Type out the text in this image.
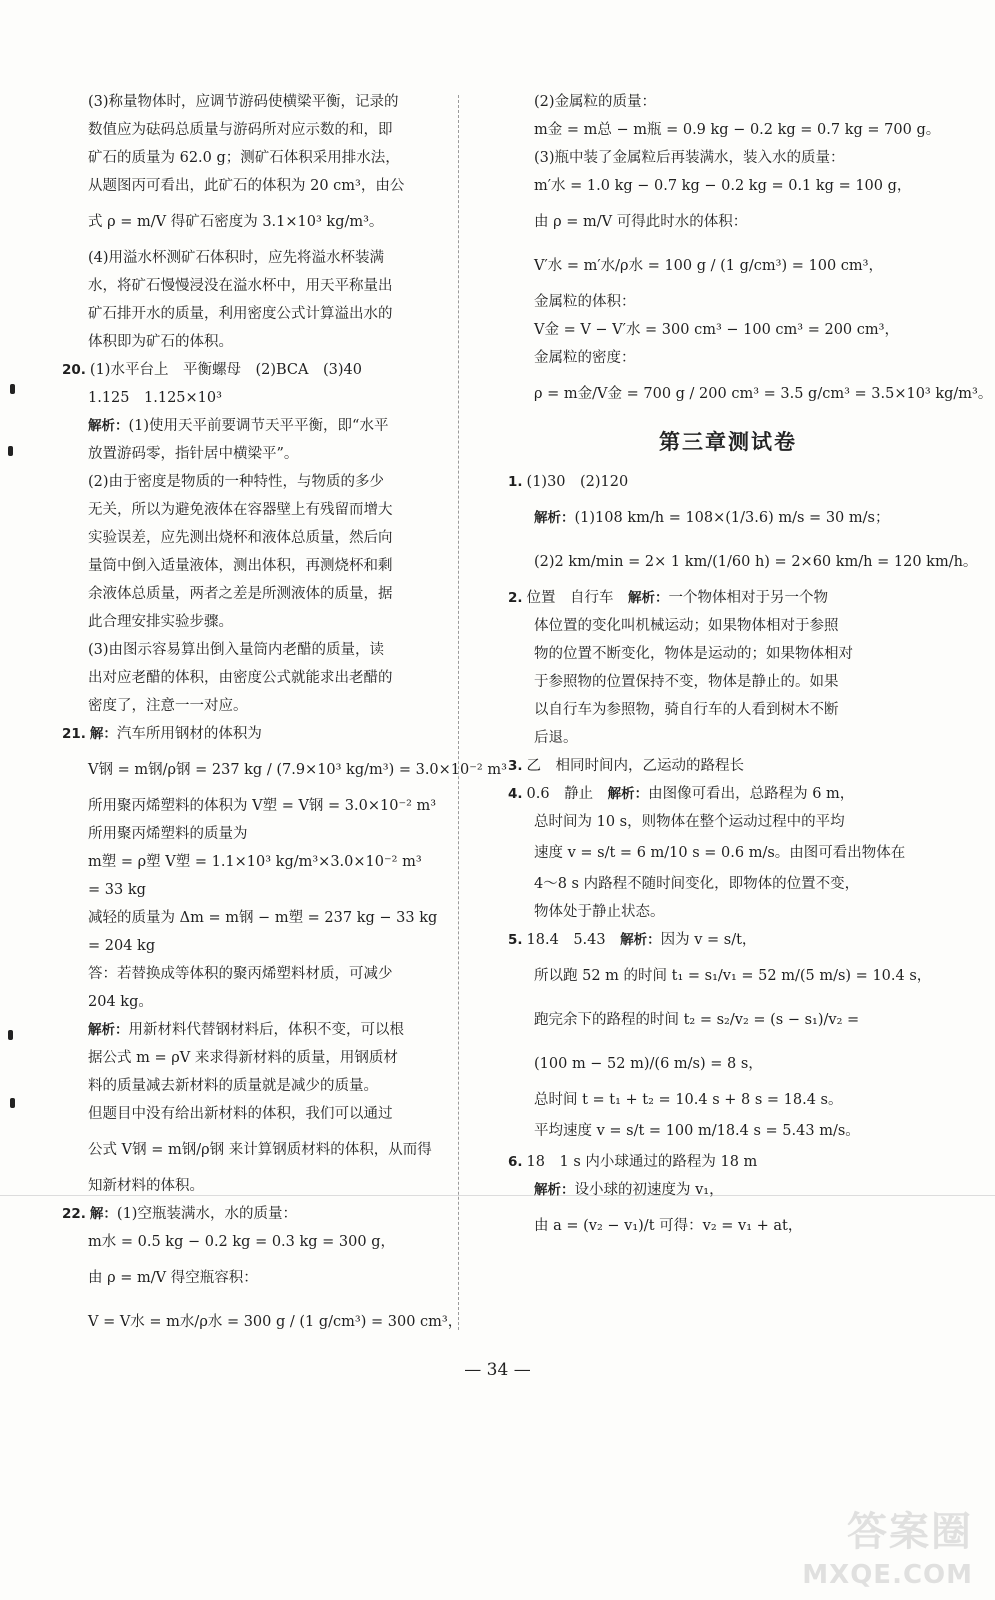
(3)称量物体时，应调节游码使横梁平衡，记录的
数值应为砝码总质量与游码所对应示数的和，即
矿石的质量为 62.0 g；测矿石体积采用排水法，
从题图丙可看出，此矿石的体积为 20 cm³，由公
式 ρ = m/V 得矿石密度为 3.1×10³ kg/m³。
(4)用溢水杯测矿石体积时，应先将溢水杯装满
水，将矿石慢慢浸没在溢水杯中，用天平称量出
矿石排开水的质量，利用密度公式计算溢出水的
体积即为矿石的体积。
20. (1)水平台上　平衡螺母　(2)BCA　(3)40
1.125　1.125×10³
解析：(1)使用天平前要调节天平平衡，即“水平
放置游码零，指针居中横梁平”。
(2)由于密度是物质的一种特性，与物质的多少
无关，所以为避免液体在容器壁上有残留而增大
实验误差，应先测出烧杯和液体总质量，然后向
量筒中倒入适量液体，测出体积，再测烧杯和剩
余液体总质量，两者之差是所测液体的质量，据
此合理安排实验步骤。
(3)由图示容易算出倒入量筒内老醋的质量，读
出对应老醋的体积，由密度公式就能求出老醋的
密度了，注意一一对应。
21. 解：汽车所用钢材的体积为
V钢 = m钢/ρ钢 = 237 kg / (7.9×10³ kg/m³) = 3.0×10⁻² m³
所用聚丙烯塑料的体积为 V塑 = V钢 = 3.0×10⁻² m³
所用聚丙烯塑料的质量为
m塑 = ρ塑 V塑 = 1.1×10³ kg/m³×3.0×10⁻² m³
= 33 kg
减轻的质量为 Δm = m钢 − m塑 = 237 kg − 33 kg
= 204 kg
答：若替换成等体积的聚丙烯塑料材质，可减少
204 kg。
解析：用新材料代替钢材料后，体积不变，可以根
据公式 m = ρV 来求得新材料的质量，用钢质材
料的质量减去新材料的质量就是减少的质量。
但题目中没有给出新材料的体积，我们可以通过
公式 V钢 = m钢/ρ钢 来计算钢质材料的体积，从而得
知新材料的体积。
22. 解：(1)空瓶装满水，水的质量：
m水 = 0.5 kg − 0.2 kg = 0.3 kg = 300 g，
由 ρ = m/V 得空瓶容积：
V = V水 = m水/ρ水 = 300 g / (1 g/cm³) = 300 cm³，
(2)金属粒的质量：
m金 = m总 − m瓶 = 0.9 kg − 0.2 kg = 0.7 kg = 700 g。
(3)瓶中装了金属粒后再装满水，装入水的质量：
m′水 = 1.0 kg − 0.7 kg − 0.2 kg = 0.1 kg = 100 g，
由 ρ = m/V 可得此时水的体积：
V′水 = m′水/ρ水 = 100 g / (1 g/cm³) = 100 cm³，
金属粒的体积：
V金 = V − V′水 = 300 cm³ − 100 cm³ = 200 cm³，
金属粒的密度：
ρ = m金/V金 = 700 g / 200 cm³ = 3.5 g/cm³ = 3.5×10³ kg/m³。
第三章测试卷
1. (1)30　(2)120
解析：(1)108 km/h = 108×(1/3.6) m/s = 30 m/s；
(2)2 km/min = 2× 1 km/(1/60 h) = 2×60 km/h = 120 km/h。
2. 位置　自行车　解析：一个物体相对于另一个物
体位置的变化叫机械运动；如果物体相对于参照
物的位置不断变化，物体是运动的；如果物体相对
于参照物的位置保持不变，物体是静止的。如果
以自行车为参照物，骑自行车的人看到树木不断
后退。
3. 乙　相同时间内，乙运动的路程长
4. 0.6　静止　解析：由图像可看出，总路程为 6 m，
总时间为 10 s，则物体在整个运动过程中的平均
速度 v = s/t = 6 m/10 s = 0.6 m/s。由图可看出物体在
4～8 s 内路程不随时间变化，即物体的位置不变，
物体处于静止状态。
5. 18.4　5.43　解析：因为 v = s/t，
所以跑 52 m 的时间 t₁ = s₁/v₁ = 52 m/(5 m/s) = 10.4 s，
跑完余下的路程的时间 t₂ = s₂/v₂ = (s − s₁)/v₂ =
(100 m − 52 m)/(6 m/s) = 8 s，
总时间 t = t₁ + t₂ = 10.4 s + 8 s = 18.4 s。
平均速度 v = s/t = 100 m/18.4 s = 5.43 m/s。
6. 18　1 s 内小球通过的路程为 18 m
解析：设小球的初速度为 v₁，
由 a = (v₂ − v₁)/t 可得：v₂ = v₁ + at，
— 34 —
答案圈
MXQE.COM
